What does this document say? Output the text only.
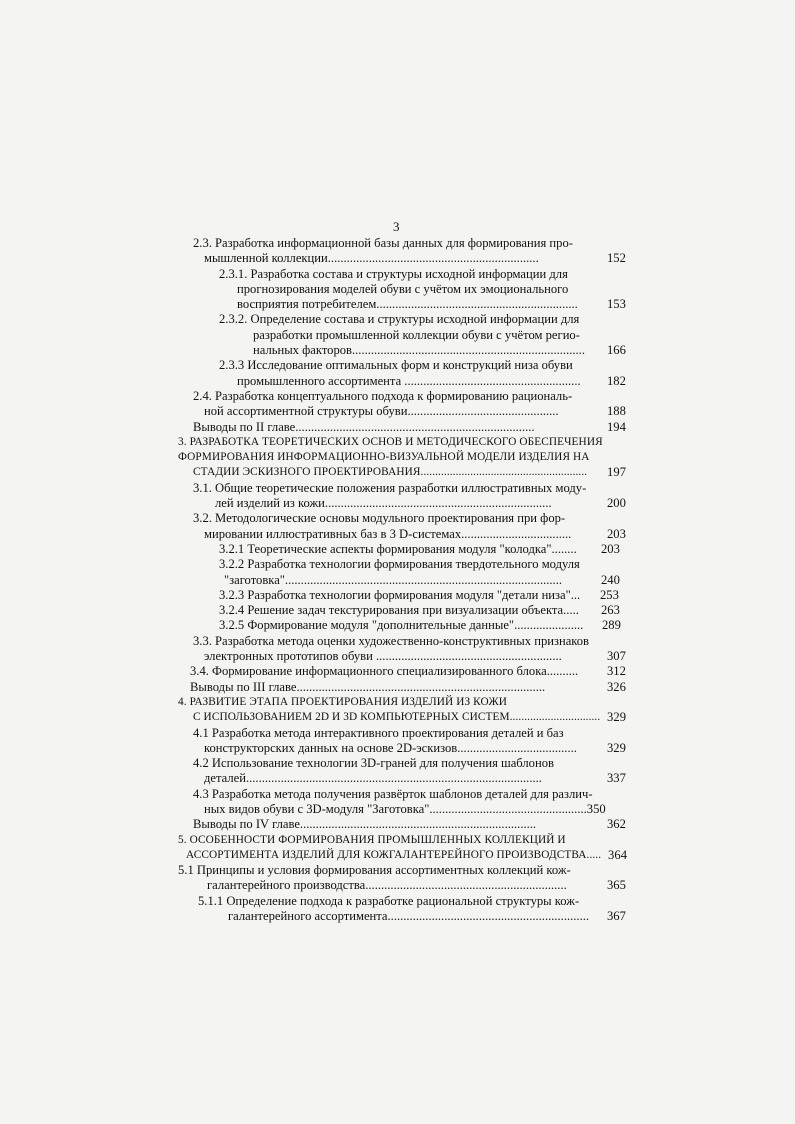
3
2.3. Разработка информационной базы данных для формирования про-
мышленной коллекции...................................................................	152
2.3.1. Разработка состава и структуры исходной информации для
прогнозирования моделей обуви с учётом их эмоционального
восприятия потребителем................................................................ 153
2.3.2. Определение состава и структуры исходной информации для
разработки промышленной коллекции обуви с учётом регио-
нальных факторов.......................................................................... 166
2.3.3 Исследование оптимальных форм и конструкций низа обуви
промышленного ассортимента ........................................................ 182
2.4. Разработка концептуального подхода к формированию рациональ-
ной ассортиментной структуры обуви................................................	188
Выводы по II главе............................................................................	194
3. РАЗРАБОТКА ТЕОРЕТИЧЕСКИХ ОСНОВ И МЕТОДИЧЕСКОГО ОБЕСПЕЧЕНИЯ
ФОРМИРОВАНИЯ ИНФОРМАЦИОННО-ВИЗУАЛЬНОЙ МОДЕЛИ ИЗДЕЛИЯ НА
СТАДИИ ЭСКИЗНОГО ПРОЕКТИРОВАНИЯ......................................................... 197
3.1. Общие теоретические положения разработки иллюстративных моду-
лей изделий из кожи........................................................................	200
3.2. Методологические основы модульного проектирования при фор-
мировании иллюстративных баз в 3 D-системах...................................	203
3.2.1 Теоретические аспекты формирования модуля "колодка"........ 203
3.2.2 Разработка технологии формирования твердотельного модуля
"заготовка"........................................................................................	240
3.2.3 Разработка технологии формирования модуля "детали низа"... 253
3.2.4 Решение задач текстурирования при визуализации объекта..... 263
3.2.5 Формирование модуля "дополнительные данные"...................... 289
3.3. Разработка метода оценки художественно-конструктивных признаков
электронных прототипов обуви ...........................................................	307
3.4. Формирование информационного специализированного блока.......... 312
Выводы по III главе...............................................................................	326
4. РАЗВИТИЕ ЭТАПА ПРОЕКТИРОВАНИЯ ИЗДЕЛИЙ ИЗ КОЖИ
С ИСПОЛЬЗОВАНИЕМ 2D И 3D КОМПЬЮТЕРНЫХ СИСТЕМ............................... 329
4.1 Разработка метода интерактивного проектирования деталей и баз
конструкторских данных на основе 2D-эскизов...................................... 329
4.2 Использование технологии 3D-граней для получения шаблонов
деталей..............................................................................................	337
4.3 Разработка метода получения развёрток шаблонов деталей для различ-
ных видов обуви с 3D-модуля "Заготовка"..................................................350
Выводы по IV главе...........................................................................	362
5. ОСОБЕННОСТИ ФОРМИРОВАНИЯ ПРОМЫШЛЕННЫХ КОЛЛЕКЦИЙ И
АССОРТИМЕНТА ИЗДЕЛИЙ ДЛЯ КОЖГАЛАНТЕРЕЙНОГО ПРОИЗВОДСТВА..... 364
5.1 Принципы и условия формирования ассортиментных коллекций кож-
галантерейного производства................................................................	365
5.1.1 Определение подхода к разработке рациональной структуры кож-
галантерейного ассортимента................................................................ 367
